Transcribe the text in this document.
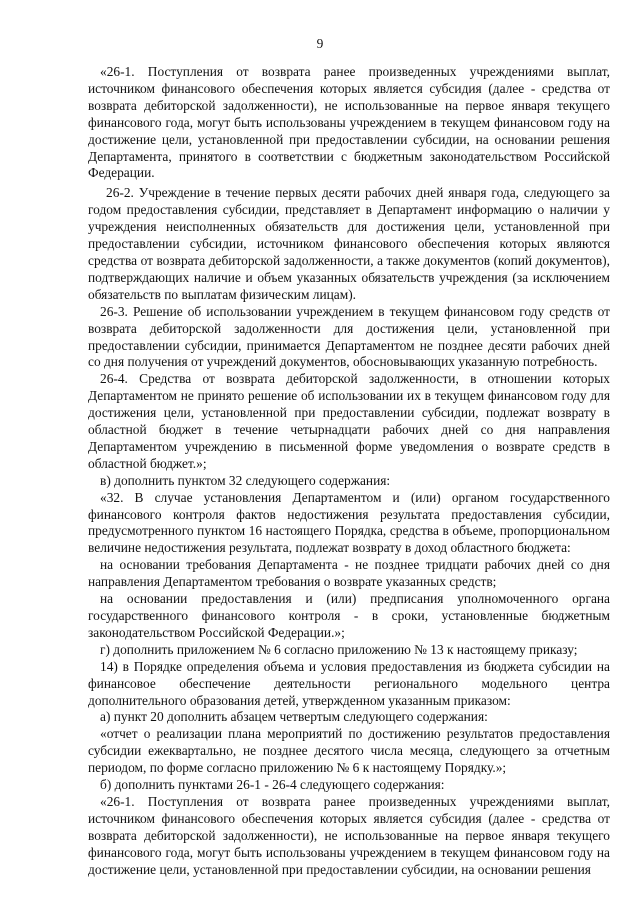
9

«26-1. Поступления от возврата ранее произведенных учреждениями выплат, источником финансового обеспечения которых является субсидия (далее - средства от возврата дебиторской задолженности), не использованные на первое января текущего финансового года, могут быть использованы учреждением в текущем финансовом году на достижение цели, установленной при предоставлении субсидии, на основании решения Департамента, принятого в соответствии с бюджетным законодательством Российской Федерации.

26-2. Учреждение в течение первых десяти рабочих дней января года, следующего за годом предоставления субсидии, представляет в Департамент информацию о наличии у учреждения неисполненных обязательств для достижения цели, установленной при предоставлении субсидии, источником финансового обеспечения которых являются средства от возврата дебиторской задолженности, а также документов (копий документов), подтверждающих наличие и объем указанных обязательств учреждения (за исключением обязательств по выплатам физическим лицам).

26-3. Решение об использовании учреждением в текущем финансовом году средств от возврата дебиторской задолженности для достижения цели, установленной при предоставлении субсидии, принимается Департаментом не позднее десяти рабочих дней со дня получения от учреждений документов, обосновывающих указанную потребность.

26-4. Средства от возврата дебиторской задолженности, в отношении которых Департаментом не принято решение об использовании их в текущем финансовом году для достижения цели, установленной при предоставлении субсидии, подлежат возврату в областной бюджет в течение четырнадцати рабочих дней со дня направления Департаментом учреждению в письменной форме уведомления о возврате средств в областной бюджет.»;

в) дополнить пунктом 32 следующего содержания:

«32. В случае установления Департаментом и (или) органом государственного финансового контроля фактов недостижения результата предоставления субсидии, предусмотренного пунктом 16 настоящего Порядка, средства в объеме, пропорциональном величине недостижения результата, подлежат возврату в доход областного бюджета:

на основании требования Департамента - не позднее тридцати рабочих дней со дня направления Департаментом требования о возврате указанных средств;

на основании предоставления и (или) предписания уполномоченного органа государственного финансового контроля - в сроки, установленные бюджетным законодательством Российской Федерации.»;

г) дополнить приложением № 6 согласно приложению № 13 к настоящему приказу;

14) в Порядке определения объема и условия предоставления из бюджета субсидии на финансовое обеспечение деятельности регионального модельного центра дополнительного образования детей, утвержденном указанным приказом:

а) пункт 20 дополнить абзацем четвертым следующего содержания:

«отчет о реализации плана мероприятий по достижению результатов предоставления субсидии ежеквартально, не позднее десятого числа месяца, следующего за отчетным периодом, по форме согласно приложению № 6 к настоящему Порядку.»;

б) дополнить пунктами 26-1 - 26-4 следующего содержания:

«26-1. Поступления от возврата ранее произведенных учреждениями выплат, источником финансового обеспечения которых является субсидия (далее - средства от возврата дебиторской задолженности), не использованные на первое января текущего финансового года, могут быть использованы учреждением в текущем финансовом году на достижение цели, установленной при предоставлении субсидии, на основании решения
